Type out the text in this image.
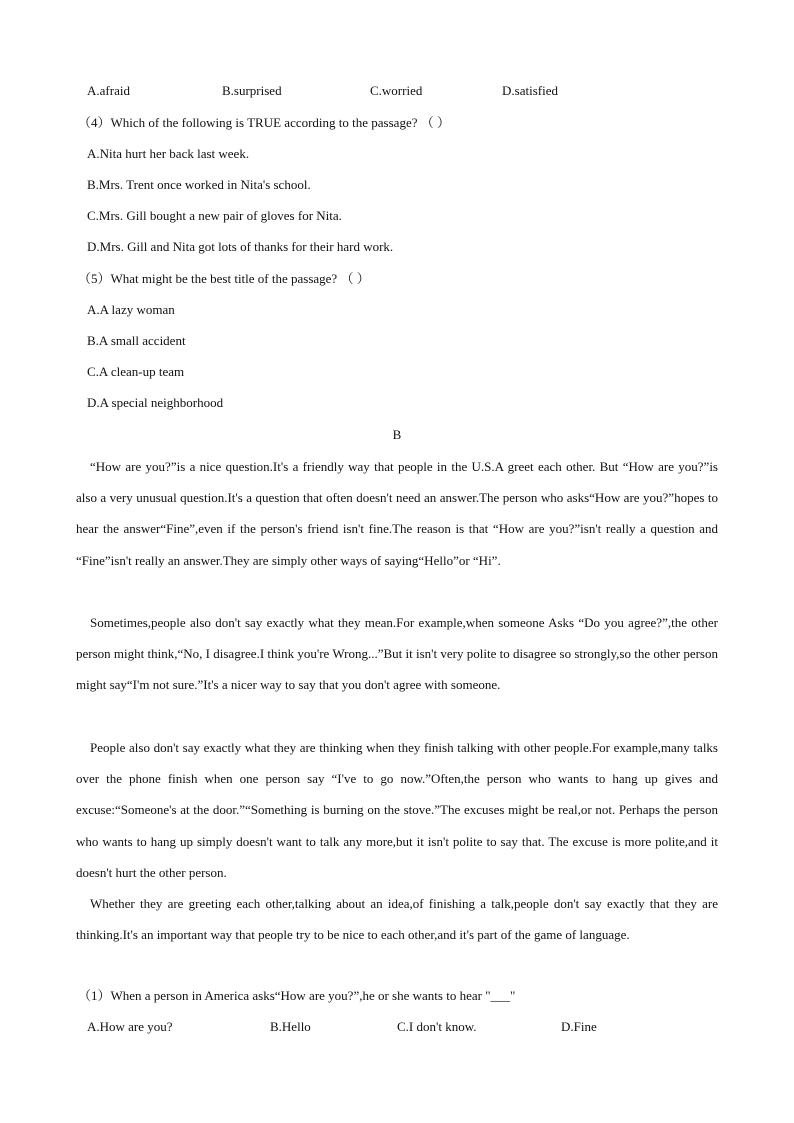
A.afraid	B.surprised	C.worried	D.satisfied
（4）Which of the following is TRUE according to the passage? （ ）
A.Nita hurt her back last week.
B.Mrs. Trent once worked in Nita's school.
C.Mrs. Gill bought a new pair of gloves for Nita.
D.Mrs. Gill and Nita got lots of thanks for their hard work.
（5）What might be the best title of the passage? （ ）
A.A lazy woman
B.A small accident
C.A clean-up team
D.A special neighborhood
B
“How are you?”is a nice question.It's a friendly way that people in the U.S.A greet each other. But “How are you?”is also a very unusual question.It's a question that often doesn't need an answer.The person who asks“How are you?”hopes to hear the answer“Fine”,even if the person's friend isn't fine.The reason is that “How are you?”isn't really a question and “Fine”isn't really an answer.They are simply other ways of saying“Hello”or “Hi”.
Sometimes,people also don't say exactly what they mean.For example,when someone Asks “Do you agree?”,the other person might think,“No, I disagree.I think you're Wrong...”But it isn't very polite to disagree so strongly,so the other person might say“I'm not sure.”It's a nicer way to say that you don't agree with someone.
People also don't say exactly what they are thinking when they finish talking with other people.For example,many talks over the phone finish when one person say “I've to go now.”Often,the person who wants to hang up gives and excuse:“Someone's at the door.”“Something is burning on the stove.”The excuses might be real,or not. Perhaps the person who wants to hang up simply doesn't want to talk any more,but it isn't polite to say that. The excuse is more polite,and it doesn't hurt the other person.
Whether they are greeting each other,talking about an idea,of finishing a talk,people don't say exactly that they are thinking.It's an important way that people try to be nice to each other,and it's part of the game of language.
（1）When a person in America asks“How are you?”,he or she wants to hear "___"
A.How are you?	B.Hello	C.I don't know.	D.Fine
